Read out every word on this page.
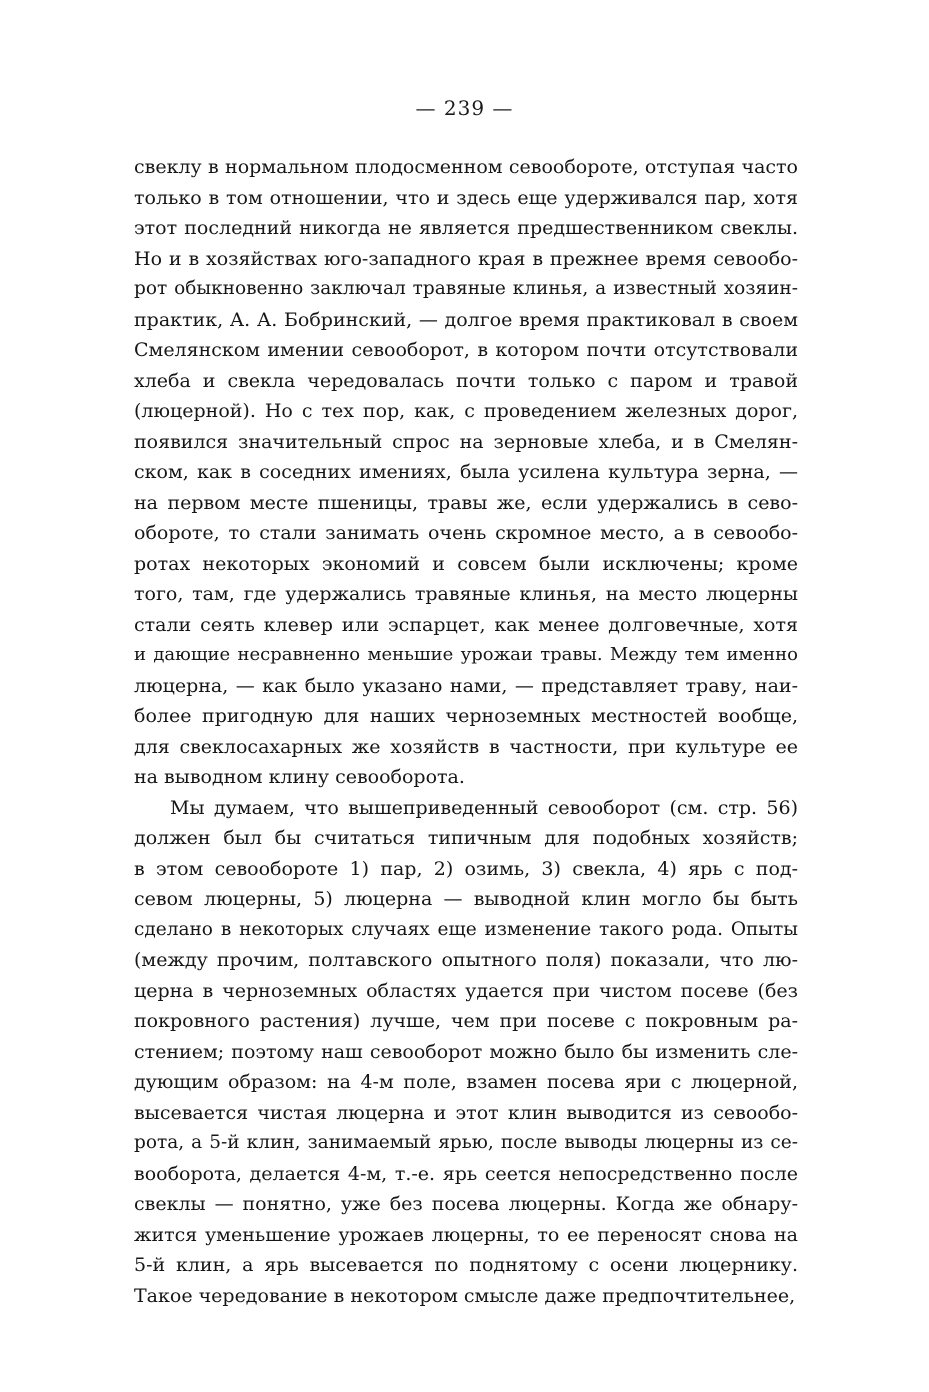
— 239 —
свеклу в нормальном плодосменном севообороте, отступая часто
только в том отношении, что и здесь еще удерживался пар, хотя
этот последний никогда не является предшественником свеклы.
Но и в хозяйствах юго-западного края в прежнее время севообо-
рот обыкновенно заключал травяные клинья, а известный хозяин-
практик, А. А. Бобринский, — долгое время практиковал в своем
Смелянском имении севооборот, в котором почти отсутствовали
хлеба и свекла чередовалась почти только с паром и травой
(люцерной). Но с тех пор, как, с проведением железных дорог,
появился значительный спрос на зерновые хлеба, и в Смелян-
ском, как в соседних имениях, была усилена культура зерна, —
на первом месте пшеницы, травы же, если удержались в сево-
обороте, то стали занимать очень скромное место, а в севообо-
ротах некоторых экономий и совсем были исключены; кроме
того, там, где удержались травяные клинья, на место люцерны
стали сеять клевер или эспарцет, как менее долговечные, хотя
и дающие несравненно меньшие урожаи травы. Между тем именно
люцерна, — как было указано нами, — представляет траву, наи-
более пригодную для наших черноземных местностей вообще,
для свеклосахарных же хозяйств в частности, при культуре ее
на выводном клину севооборота.
Мы думаем, что вышеприведенный севооборот (см. стр. 56)
должен был бы считаться типичным для подобных хозяйств;
в этом севообороте 1) пар, 2) озимь, 3) свекла, 4) ярь с под-
севом люцерны, 5) люцерна — выводной клин могло бы быть
сделано в некоторых случаях еще изменение такого рода. Опыты
(между прочим, полтавского опытного поля) показали, что лю-
церна в черноземных областях удается при чистом посеве (без
покровного растения) лучше, чем при посеве с покровным ра-
стением; поэтому наш севооборот можно было бы изменить сле-
дующим образом: на 4-м поле, взамен посева яри с люцерной,
высевается чистая люцерна и этот клин выводится из севообо-
рота, а 5-й клин, занимаемый ярью, после выводы люцерны из се-
вооборота, делается 4-м, т.-е. ярь сеется непосредственно после
свеклы — понятно, уже без посева люцерны. Когда же обнару-
жится уменьшение урожаев люцерны, то ее переносят снова на
5-й клин, а ярь высевается по поднятому с осени люцернику.
Такое чередование в некотором смысле даже предпочтительнее,
